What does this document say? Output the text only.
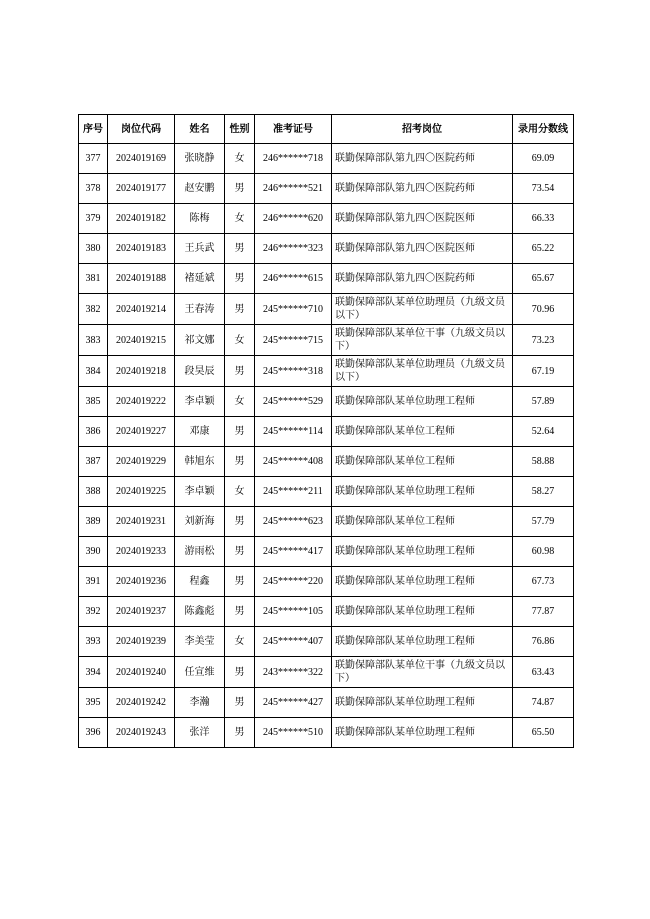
序号	岗位代码	姓名	性别	准考证号	招考岗位	录用分数线
377	2024019169	张晓静	女	246******718	联勤保障部队第九四〇医院药师	69.09
378	2024019177	赵安鹏	男	246******521	联勤保障部队第九四〇医院药师	73.54
379	2024019182	陈梅	女	246******620	联勤保障部队第九四〇医院医师	66.33
380	2024019183	王兵武	男	246******323	联勤保障部队第九四〇医院医师	65.22
381	2024019188	褚延斌	男	246******615	联勤保障部队第九四〇医院药师	65.67
382	2024019214	王春涛	男	245******710	联勤保障部队某单位助理员（九级文员以下）	70.96
383	2024019215	祁文娜	女	245******715	联勤保障部队某单位干事（九级文员以下）	73.23
384	2024019218	段昊辰	男	245******318	联勤保障部队某单位助理员（九级文员以下）	67.19
385	2024019222	李卓颖	女	245******529	联勤保障部队某单位助理工程师	57.89
386	2024019227	邓康	男	245******114	联勤保障部队某单位工程师	52.64
387	2024019229	韩旭东	男	245******408	联勤保障部队某单位工程师	58.88
388	2024019225	李卓颖	女	245******211	联勤保障部队某单位助理工程师	58.27
389	2024019231	刘新海	男	245******623	联勤保障部队某单位工程师	57.79
390	2024019233	游雨松	男	245******417	联勤保障部队某单位助理工程师	60.98
391	2024019236	程鑫	男	245******220	联勤保障部队某单位助理工程师	67.73
392	2024019237	陈鑫彪	男	245******105	联勤保障部队某单位助理工程师	77.87
393	2024019239	李美莹	女	245******407	联勤保障部队某单位助理工程师	76.86
394	2024019240	任宣维	男	243******322	联勤保障部队某单位干事（九级文员以下）	63.43
395	2024019242	李瀚	男	245******427	联勤保障部队某单位助理工程师	74.87
396	2024019243	张洋	男	245******510	联勤保障部队某单位助理工程师	65.50
